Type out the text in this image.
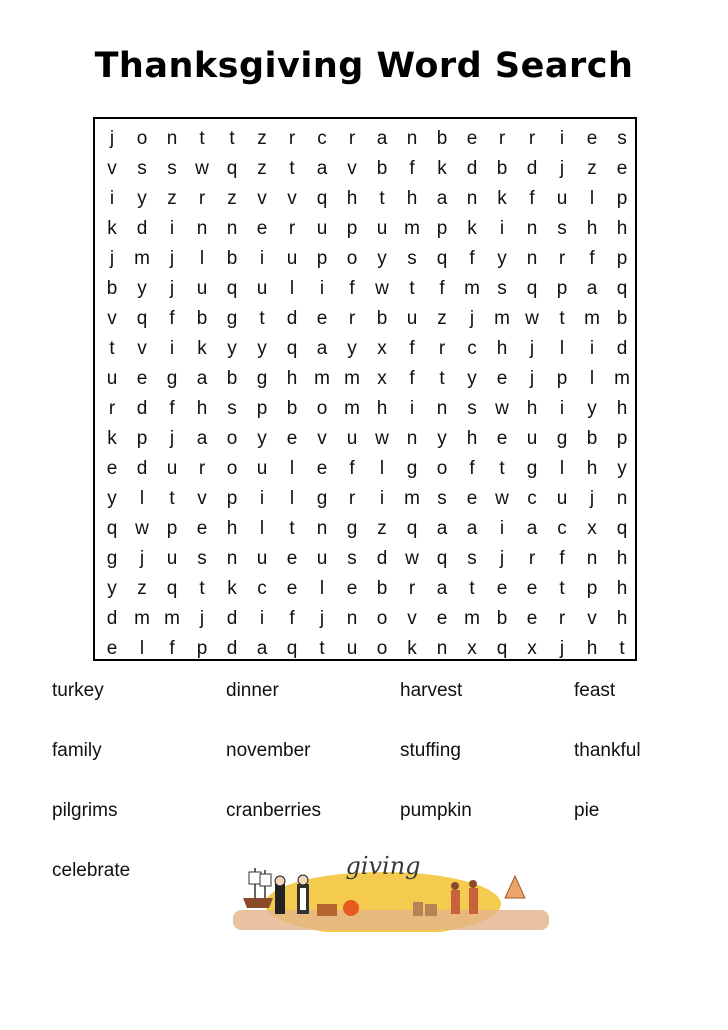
Thanksgiving Word Search
j	o	n	t	t	z	r	c	r	a	n	b	e	r	r	i	e	s
v	s	s w q	z	t	a	v	b	f	k	d	b	d	j	z	e
i	y	z	r	z	v	v	q	h	t	h	a	n	k	f	u	l	p
k	d	i	n	n	e	r	u	p	u m p	k	i	n	s	h	h
j	m	j	l	b	i	u	p	o	y	s	q	f	y	n	r	f	p
b	y	j	u	q	u	l	i	f	w	t	f	m s	q	p	a	q
v	q	f	b	g	t	d	e	r	b	u	z	j	m w	t	m b
t	v	i	k	y	y	q	a	y	x	f	r	c	h	j	l	i	d
u	e	g	a	b	g	h m m x	f	t	y	e	j	p	l	m
r	d	f	h	s	p	b	o m h	i	n	s w h	i	y	h
k	p	j	a	o	y	e	v	u w n	y	h	e	u	g	b	p
e	d	u	r	o	u	l	e	f	l	g	o	f	t	g	l	h	y
y	l	t	v	p	i	l	g	r	i	m s	e w c	u	j	n
q w p	e	h	l	t	n	g	z	q	a	a	i	a	c	x	q
g	j	u	s	n	u	e	u	s	d w q	s	j	r	f	n	h
y	z	q	t	k	c	e	l	e	b	r	a	t	e	e	t	p	h
d m m	j	d	i	f	j	n	o	v	e m b	e	r	v	h
e	l	f	p	d	a	q	t	u	o	k	n	x	q	x	j	h	t
turkey	dinner	harvest	feast
family	november	stuffing	thankful
pilgrims	cranberries	pumpkin	pie
celebrate	giving
